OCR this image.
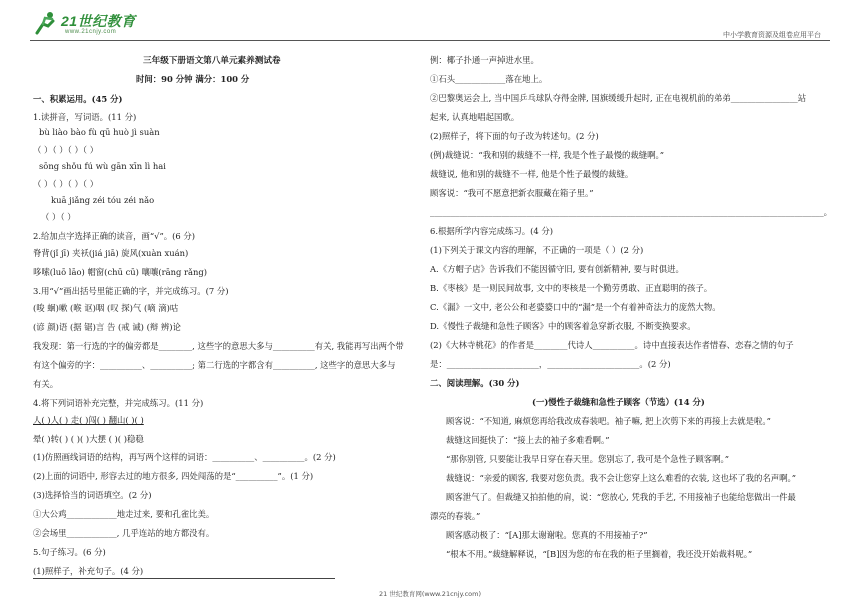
21世纪教育
www.21cnjy.com	中小学教育资源及组卷应用平台
三年级下册语文第八单元素养测试卷
时间：90 分钟 满分：100 分
一、积累运用。(45 分)
1.读拼音，写词语。(11 分)
bù liào bào fù qū huò jì suàn
（ ）（ ）（ ）（ ）
sōng shǒu fú wù gān xīn lì hai
（ ）（ ）（ ）（ ）
kuā jiǎng zéi tóu zéi nǎo
（ ）（ ）
2.给加点字选择正确的读音，画“√”。(6 分)
脊背(jǐ jī) 夹袄(jiá jiā) 旋风(xuàn xuán)
哆嗦(luō lāo) 帽窗(chū cū) 嚷嚷(rāng rǎng)
3.用“√”画出括号里能正确的字，并完成练习。(7 分)
(唆 蛔)嗽 (喉 讴)咽 (叹 探)气 (嘀 滴)咕
(谚 颜)语 (据 锯)言 告 (戒 诫) (辩 辨)论
我发现：第一行选的字的偏旁都是________, 这些字的意思大多与__________有关, 我能再写出两个带
有这个偏旁的字：__________、__________; 第二行选的字都含有__________, 这些字的意思大多与
有关。
4.将下列词语补充完整，并完成练习。(11 分)
人( )人( ) 走( )闯( ) 翻山( )( )
晕( )转( ) ( )( )大摆 ( )( )稳稳
(1)仿照画线词语的结构，再写两个这样的词语：__________、__________。(2 分)
(2)上面的词语中, 形容去过的地方很多, 四处闯荡的是“__________”。(1 分)
(3)选择恰当的词语填空。(2 分)
①大公鸡____________地走过来, 要和孔雀比美。
②会场里____________, 几乎连站的地方都没有。
5.句子练习。(6 分)
(1)照样子，补充句子。(4 分)
例：椰子扑通一声掉进水里。
①石头____________落在地上。
②巴黎奥运会上, 当中国乒乓球队夺得金牌, 国旗缓缓升起时, 正在电视机前的弟弟________________站
起来, 认真地唱起国歌。
(2)照样子，将下面的句子改为转述句。(2 分)
(例)裁缝说：“我和别的裁缝不一样, 我是个性子最慢的裁缝啊。”
裁缝说, 他和别的裁缝不一样, 他是个性子最慢的裁缝。
顾客说：“我可不愿意把新衣服藏在箱子里。”
______________________________________________________________________________________________。
6.根据所学内容完成练习。(4 分)
(1)下列关于课文内容的理解，不正确的一项是（ ）(2 分)
A.《方帽子店》告诉我们不能因循守旧, 要有创新精神, 要与时俱进。
B.《枣核》是一则民间故事, 文中的枣核是一个勤劳勇敢、正直聪明的孩子。
C.《漏》一文中, 老公公和老婆婆口中的“漏”是一个有着神奇法力的庞然大物。
D.《慢性子裁缝和急性子顾客》中的顾客着急穿新衣服, 不断变换要求。
(2)《大林寺桃花》的作者是________代诗人__________。诗中直接表达作者惜春、恋春之情的句子
是：______________________，______________________。(2 分)
二、阅读理解。(30 分)
(一)慢性子裁缝和急性子顾客（节选）(14 分)
顾客说：“不知道, 麻烦您再给我改成春装吧。袖子嘛, 把上次剪下来的再接上去就是啦。”
裁缝这回挺快了：“接上去的袖子多难看啊。”
“那你别管, 只要能让我早日穿在春天里。您别忘了, 我可是个急性子顾客啊。”
裁缝说：“亲爱的顾客, 我要对您负责。我不会让您穿上这么难看的衣装, 这也坏了我的名声啊。”
顾客泄气了。但裁缝又拍拍他的肩，说：“您放心, 凭我的手艺, 不用接袖子也能给您做出一件最
漂亮的春装。”
顾客感动极了：“[A]那太谢谢啦。您真的不用接袖子?”
“根本不用。”裁缝解释说，“[B]因为您的布在我的柜子里搁着，我还没开始裁料呢。”
21 世纪教育网(www.21cnjy.com)
